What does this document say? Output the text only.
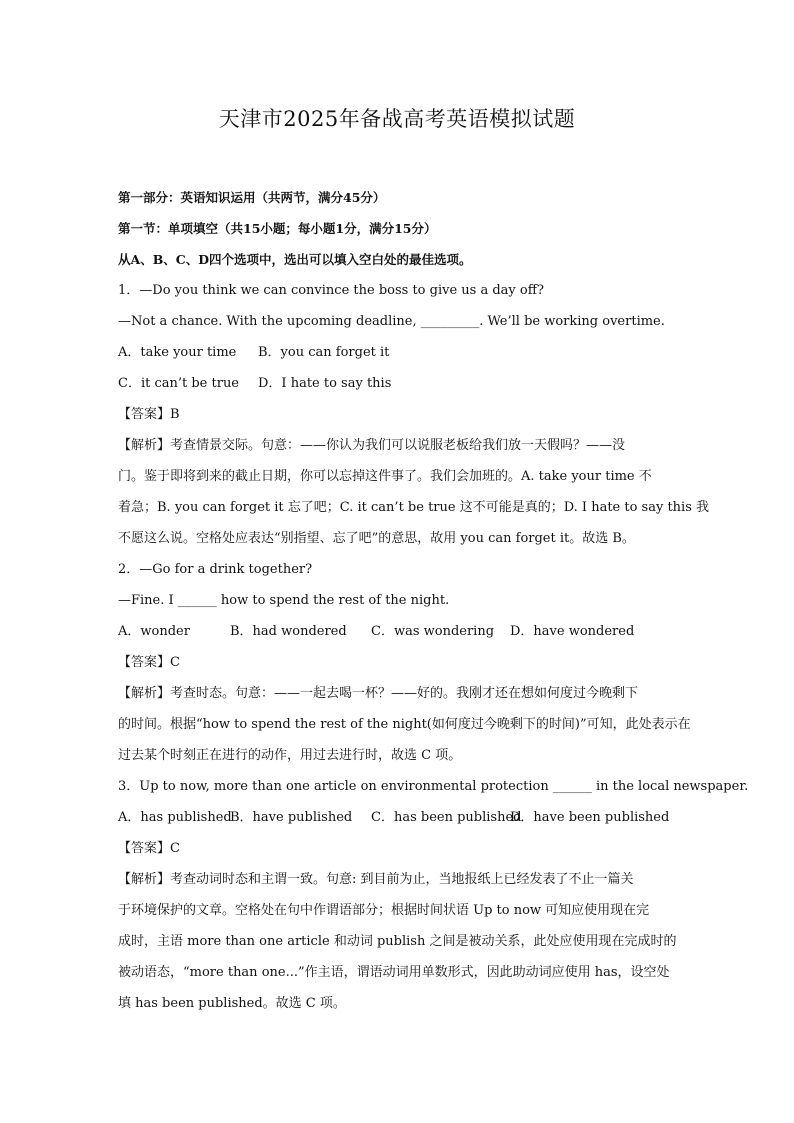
天津市2025年备战高考英语模拟试题
第一部分：英语知识运用（共两节，满分45分）
第一节：单项填空（共15小题；每小题1分，满分15分）
从A、B、C、D四个选项中，选出可以填入空白处的最佳选项。
1．—Do you think we can convince the boss to give us a day off?
—Not a chance. With the upcoming deadline, _________. We’ll be working overtime.
A．take your time	B．you can forget it
C．it can’t be true	D．I hate to say this
【答案】B
【解析】考查情景交际。句意：——你认为我们可以说服老板给我们放一天假吗？——没
门。鉴于即将到来的截止日期，你可以忘掉这件事了。我们会加班的。A. take your time 不
着急；B. you can forget it 忘了吧；C. it can’t be true 这不可能是真的；D. I hate to say this 我
不愿这么说。空格处应表达“别指望、忘了吧”的意思，故用 you can forget it。故选 B。
2．—Go for a drink together?
—Fine. I ______ how to spend the rest of the night.
A．wonder	B．had wondered	C．was wondering	D．have wondered
【答案】C
【解析】考查时态。句意：——一起去喝一杯？——好的。我刚才还在想如何度过今晚剩下
的时间。根据“how to spend the rest of the night(如何度过今晚剩下的时间)”可知，此处表示在
过去某个时刻正在进行的动作，用过去进行时，故选 C 项。
3．Up to now, more than one article on environmental protection ______ in the local newspaper.
A．has published
B．have published	C．has been published
D．have been published
【答案】C
【解析】考查动词时态和主谓一致。句意: 到目前为止，当地报纸上已经发表了不止一篇关
于环境保护的文章。空格处在句中作谓语部分；根据时间状语 Up to now 可知应使用现在完
成时，主语 more than one article 和动词 publish 之间是被动关系，此处应使用现在完成时的
被动语态，“more than one...”作主语，谓语动词用单数形式，因此助动词应使用 has，设空处
填 has been published。故选 C 项。
